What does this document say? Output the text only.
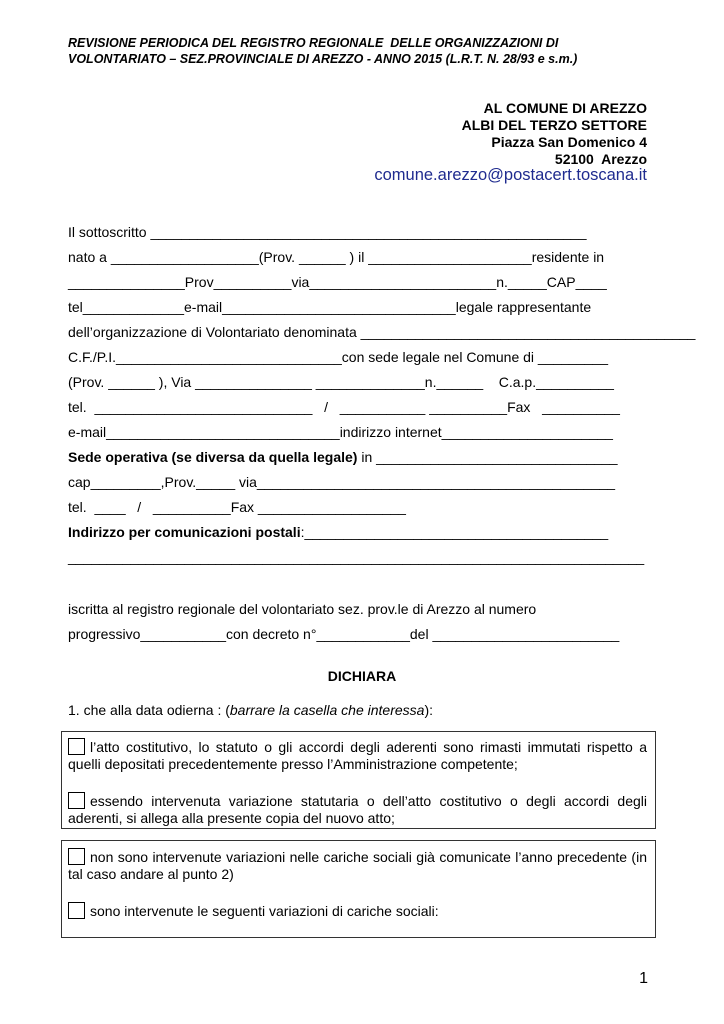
REVISIONE PERIODICA DEL REGISTRO REGIONALE  DELLE ORGANIZZAZIONI DI
VOLONTARIATO – SEZ.PROVINCIALE DI AREZZO - ANNO 2015 (L.R.T. N. 28/93 e s.m.)
AL COMUNE DI AREZZO
ALBI DEL TERZO SETTORE
Piazza San Domenico 4
52100  Arezzo
comune.arezzo@postacert.toscana.it
Il sottoscritto ________________________________________________________
nato a ___________________(Prov. ______ ) il _____________________residente in
_______________Prov__________via________________________n._____CAP____
tel_____________e-mail______________________________legale rappresentante
dell’organizzazione di Volontariato denominata ___________________________________________
C.F./P.I._____________________________con sede legale nel Comune di _________
(Prov. ______ ), Via _______________ ______________n.______    C.a.p.__________
tel.  ____________________________   /   ___________ __________Fax   __________
e-mail______________________________indirizzo internet______________________
Sede operativa (se diversa da quella legale) in _______________________________
cap_________,Prov._____ via______________________________________________
tel.  ____   /   __________Fax ___________________
Indirizzo per comunicazioni postali:_______________________________________
__________________________________________________________________________
iscritta al registro regionale del volontariato sez. prov.le di Arezzo al numero
progressivo___________con decreto n°____________del ________________________
DICHIARA
1. che alla data odierna : (barrare la casella che interessa):
l’atto costitutivo, lo statuto o gli accordi degli aderenti sono rimasti immutati rispetto a quelli depositati precedentemente presso l’Amministrazione competente;
essendo intervenuta variazione statutaria o dell’atto costitutivo o degli accordi degli aderenti, si allega alla presente copia del nuovo atto;
non sono intervenute variazioni nelle cariche sociali già comunicate l’anno precedente (in tal caso andare al punto 2)
sono intervenute le seguenti variazioni di cariche sociali:
1
